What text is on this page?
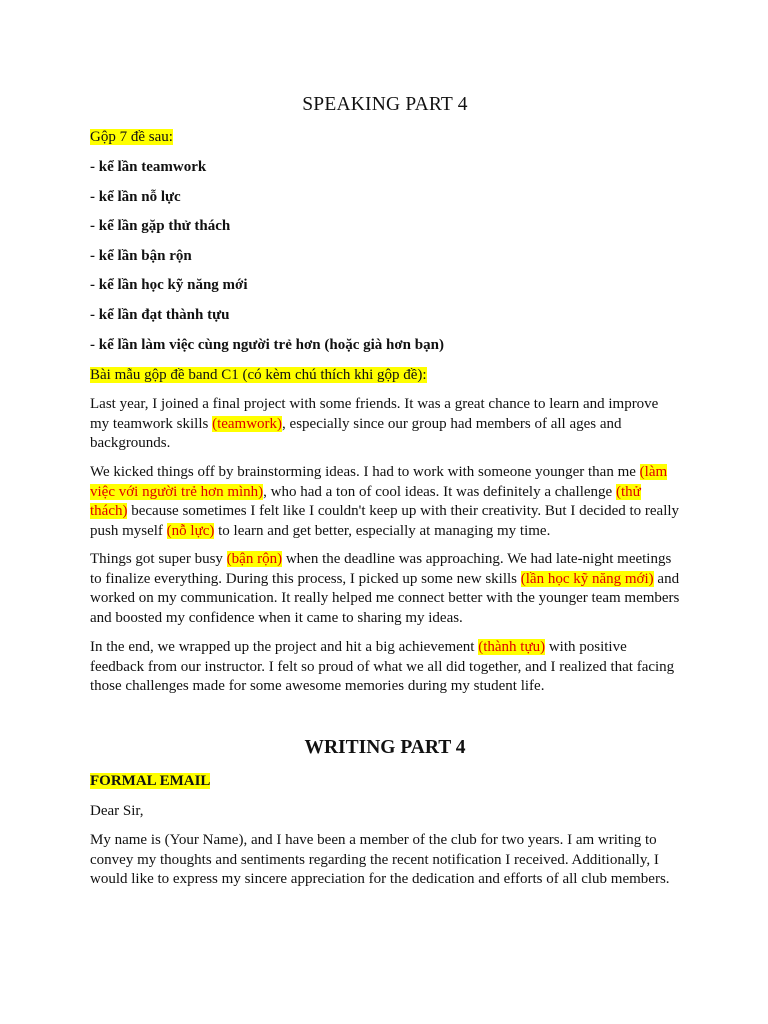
SPEAKING PART 4
Gộp 7 đề sau:
- kể lần teamwork
- kể lần nỗ lực
- kể lần gặp thử thách
- kể lần bận rộn
- kể lần học kỹ năng mới
- kể lần đạt thành tựu
- kể lần làm việc cùng người trẻ hơn (hoặc già hơn bạn)
Bài mẫu gộp đề band C1 (có kèm chú thích khi gộp đề):

Last year, I joined a final project with some friends. It was a great chance to learn and improve my teamwork skills (teamwork), especially since our group had members of all ages and backgrounds.

We kicked things off by brainstorming ideas. I had to work with someone younger than me (làm việc với người trẻ hơn mình), who had a ton of cool ideas. It was definitely a challenge (thử thách) because sometimes I felt like I couldn't keep up with their creativity. But I decided to really push myself (nỗ lực) to learn and get better, especially at managing my time.

Things got super busy (bận rộn) when the deadline was approaching. We had late-night meetings to finalize everything. During this process, I picked up some new skills (lần học kỹ năng mới) and worked on my communication. It really helped me connect better with the younger team members and boosted my confidence when it came to sharing my ideas.

In the end, we wrapped up the project and hit a big achievement (thành tựu) with positive feedback from our instructor. I felt so proud of what we all did together, and I realized that facing those challenges made for some awesome memories during my student life.

WRITING PART 4
FORMAL EMAIL
Dear Sir,

My name is (Your Name), and I have been a member of the club for two years. I am writing to convey my thoughts and sentiments regarding the recent notification I received. Additionally, I would like to express my sincere appreciation for the dedication and efforts of all club members.
